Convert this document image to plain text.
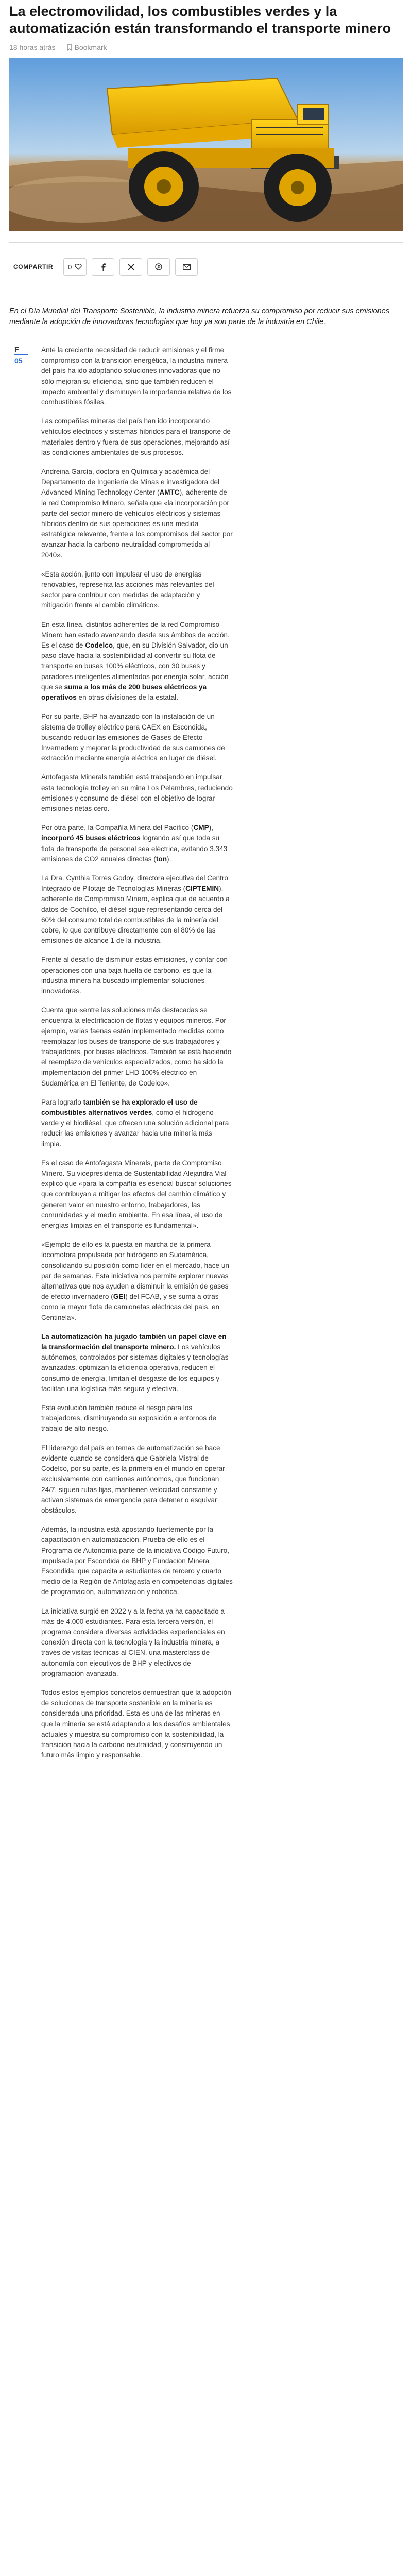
La electromovilidad, los combustibles verdes y la automatización están transformando el transporte minero
18 horas atrás	Bookmark
COMPARTIR 0

En el Día Mundial del Transporte Sostenible, la industria minera refuerza su compromiso por reducir sus emisiones mediante la adopción de innovadoras tecnologías que hoy ya son parte de la industria en Chile.

F
05

Ante la creciente necesidad de reducir emisiones y el firme compromiso con la transición energética, la industria minera del país ha ido adoptando soluciones innovadoras que no sólo mejoran su eficiencia, sino que también reducen el impacto ambiental y disminuyen la importancia relativa de los combustibles fósiles.

Las compañías mineras del país han ido incorporando vehículos eléctricos y sistemas híbridos para el transporte de materiales dentro y fuera de sus operaciones, mejorando así las condiciones ambientales de sus procesos.

Andreina García, doctora en Química y académica del Departamento de Ingeniería de Minas e investigadora del Advanced Mining Technology Center (AMTC), adherente de la red Compromiso Minero, señala que «la incorporación por parte del sector minero de vehículos eléctricos y sistemas híbridos dentro de sus operaciones es una medida estratégica relevante, frente a los compromisos del sector por avanzar hacia la carbono neutralidad comprometida al 2040».

«Esta acción, junto con impulsar el uso de energías renovables, representa las acciones más relevantes del sector para contribuir con medidas de adaptación y mitigación frente al cambio climático».

En esta línea, distintos adherentes de la red Compromiso Minero han estado avanzando desde sus ámbitos de acción. Es el caso de Codelco, que, en su División Salvador, dio un paso clave hacia la sostenibilidad al convertir su flota de transporte en buses 100% eléctricos, con 30 buses y paradores inteligentes alimentados por energía solar, acción que se suma a los más de 200 buses eléctricos ya operativos en otras divisiones de la estatal.

Por su parte, BHP ha avanzado con la instalación de un sistema de trolley eléctrico para CAEX en Escondida, buscando reducir las emisiones de Gases de Efecto Invernadero y mejorar la productividad de sus camiones de extracción mediante energía eléctrica en lugar de diésel.

Antofagasta Minerals también está trabajando en impulsar esta tecnología trolley en su mina Los Pelambres, reduciendo emisiones y consumo de diésel con el objetivo de lograr emisiones netas cero.

Por otra parte, la Compañía Minera del Pacífico (CMP), incorporó 45 buses eléctricos logrando así que toda su flota de transporte de personal sea eléctrica, evitando 3.343 emisiones de CO2 anuales directas (ton).

La Dra. Cynthia Torres Godoy, directora ejecutiva del Centro Integrado de Pilotaje de Tecnologías Mineras (CIPTEMIN), adherente de Compromiso Minero, explica que de acuerdo a datos de Cochilco, el diésel sigue representando cerca del 60% del consumo total de combustibles de la minería del cobre, lo que contribuye directamente con el 80% de las emisiones de alcance 1 de la industria.

Frente al desafío de disminuir estas emisiones, y contar con operaciones con una baja huella de carbono, es que la industria minera ha buscado implementar soluciones innovadoras.

Cuenta que «entre las soluciones más destacadas se encuentra la electrificación de flotas y equipos mineros. Por ejemplo, varias faenas están implementado medidas como reemplazar los buses de transporte de sus trabajadores y trabajadores, por buses eléctricos. También se está haciendo el reemplazo de vehículos especializados, como ha sido la implementación del primer LHD 100% eléctrico en Sudamérica en El Teniente, de Codelco».

Para lograrlo también se ha explorado el uso de combustibles alternativos verdes, como el hidrógeno verde y el biodiésel, que ofrecen una solución adicional para reducir las emisiones y avanzar hacia una minería más limpia.

Es el caso de Antofagasta Minerals, parte de Compromiso Minero. Su vicepresidenta de Sustentabilidad Alejandra Vial explicó que «para la compañía es esencial buscar soluciones que contribuyan a mitigar los efectos del cambio climático y generen valor en nuestro entorno, trabajadores, las comunidades y el medio ambiente. En esa línea, el uso de energías limpias en el transporte es fundamental».

«Ejemplo de ello es la puesta en marcha de la primera locomotora propulsada por hidrógeno en Sudamérica, consolidando su posición como líder en el mercado, hace un par de semanas. Esta iniciativa nos permite explorar nuevas alternativas que nos ayuden a disminuir la emisión de gases de efecto invernadero (GEI) del FCAB, y se suma a otras como la mayor flota de camionetas eléctricas del país, en Centinela».

La automatización ha jugado también un papel clave en la transformación del transporte minero. Los vehículos autónomos, controlados por sistemas digitales y tecnologías avanzadas, optimizan la eficiencia operativa, reducen el consumo de energía, limitan el desgaste de los equipos y facilitan una logística más segura y efectiva.

Esta evolución también reduce el riesgo para los trabajadores, disminuyendo su exposición a entornos de trabajo de alto riesgo.

El liderazgo del país en temas de automatización se hace evidente cuando se considera que Gabriela Mistral de Codelco, por su parte, es la primera en el mundo en operar exclusivamente con camiones autónomos, que funcionan 24/7, siguen rutas fijas, mantienen velocidad constante y activan sistemas de emergencia para detener o esquivar obstáculos.

Además, la industria está apostando fuertemente por la capacitación en automatización. Prueba de ello es el Programa de Autonomía parte de la iniciativa Código Futuro, impulsada por Escondida de BHP y Fundación Minera Escondida, que capacita a estudiantes de tercero y cuarto medio de la Región de Antofagasta en competencias digitales de programación, automatización y robótica.

La iniciativa surgió en 2022 y a la fecha ya ha capacitado a más de 4.000 estudiantes. Para esta tercera versión, el programa considera diversas actividades experienciales en conexión directa con la tecnología y la industria minera, a través de visitas técnicas al CIEN, una masterclass de autonomía con ejecutivos de BHP y electivos de programación avanzada.

Todos estos ejemplos concretos demuestran que la adopción de soluciones de transporte sostenible en la minería es considerada una prioridad. Esta es una de las mineras en que la minería se está adaptando a los desafíos ambientales actuales y muestra su compromiso con la sostenibilidad, la transición hacia la carbono neutralidad, y construyendo un futuro más limpio y responsable.
